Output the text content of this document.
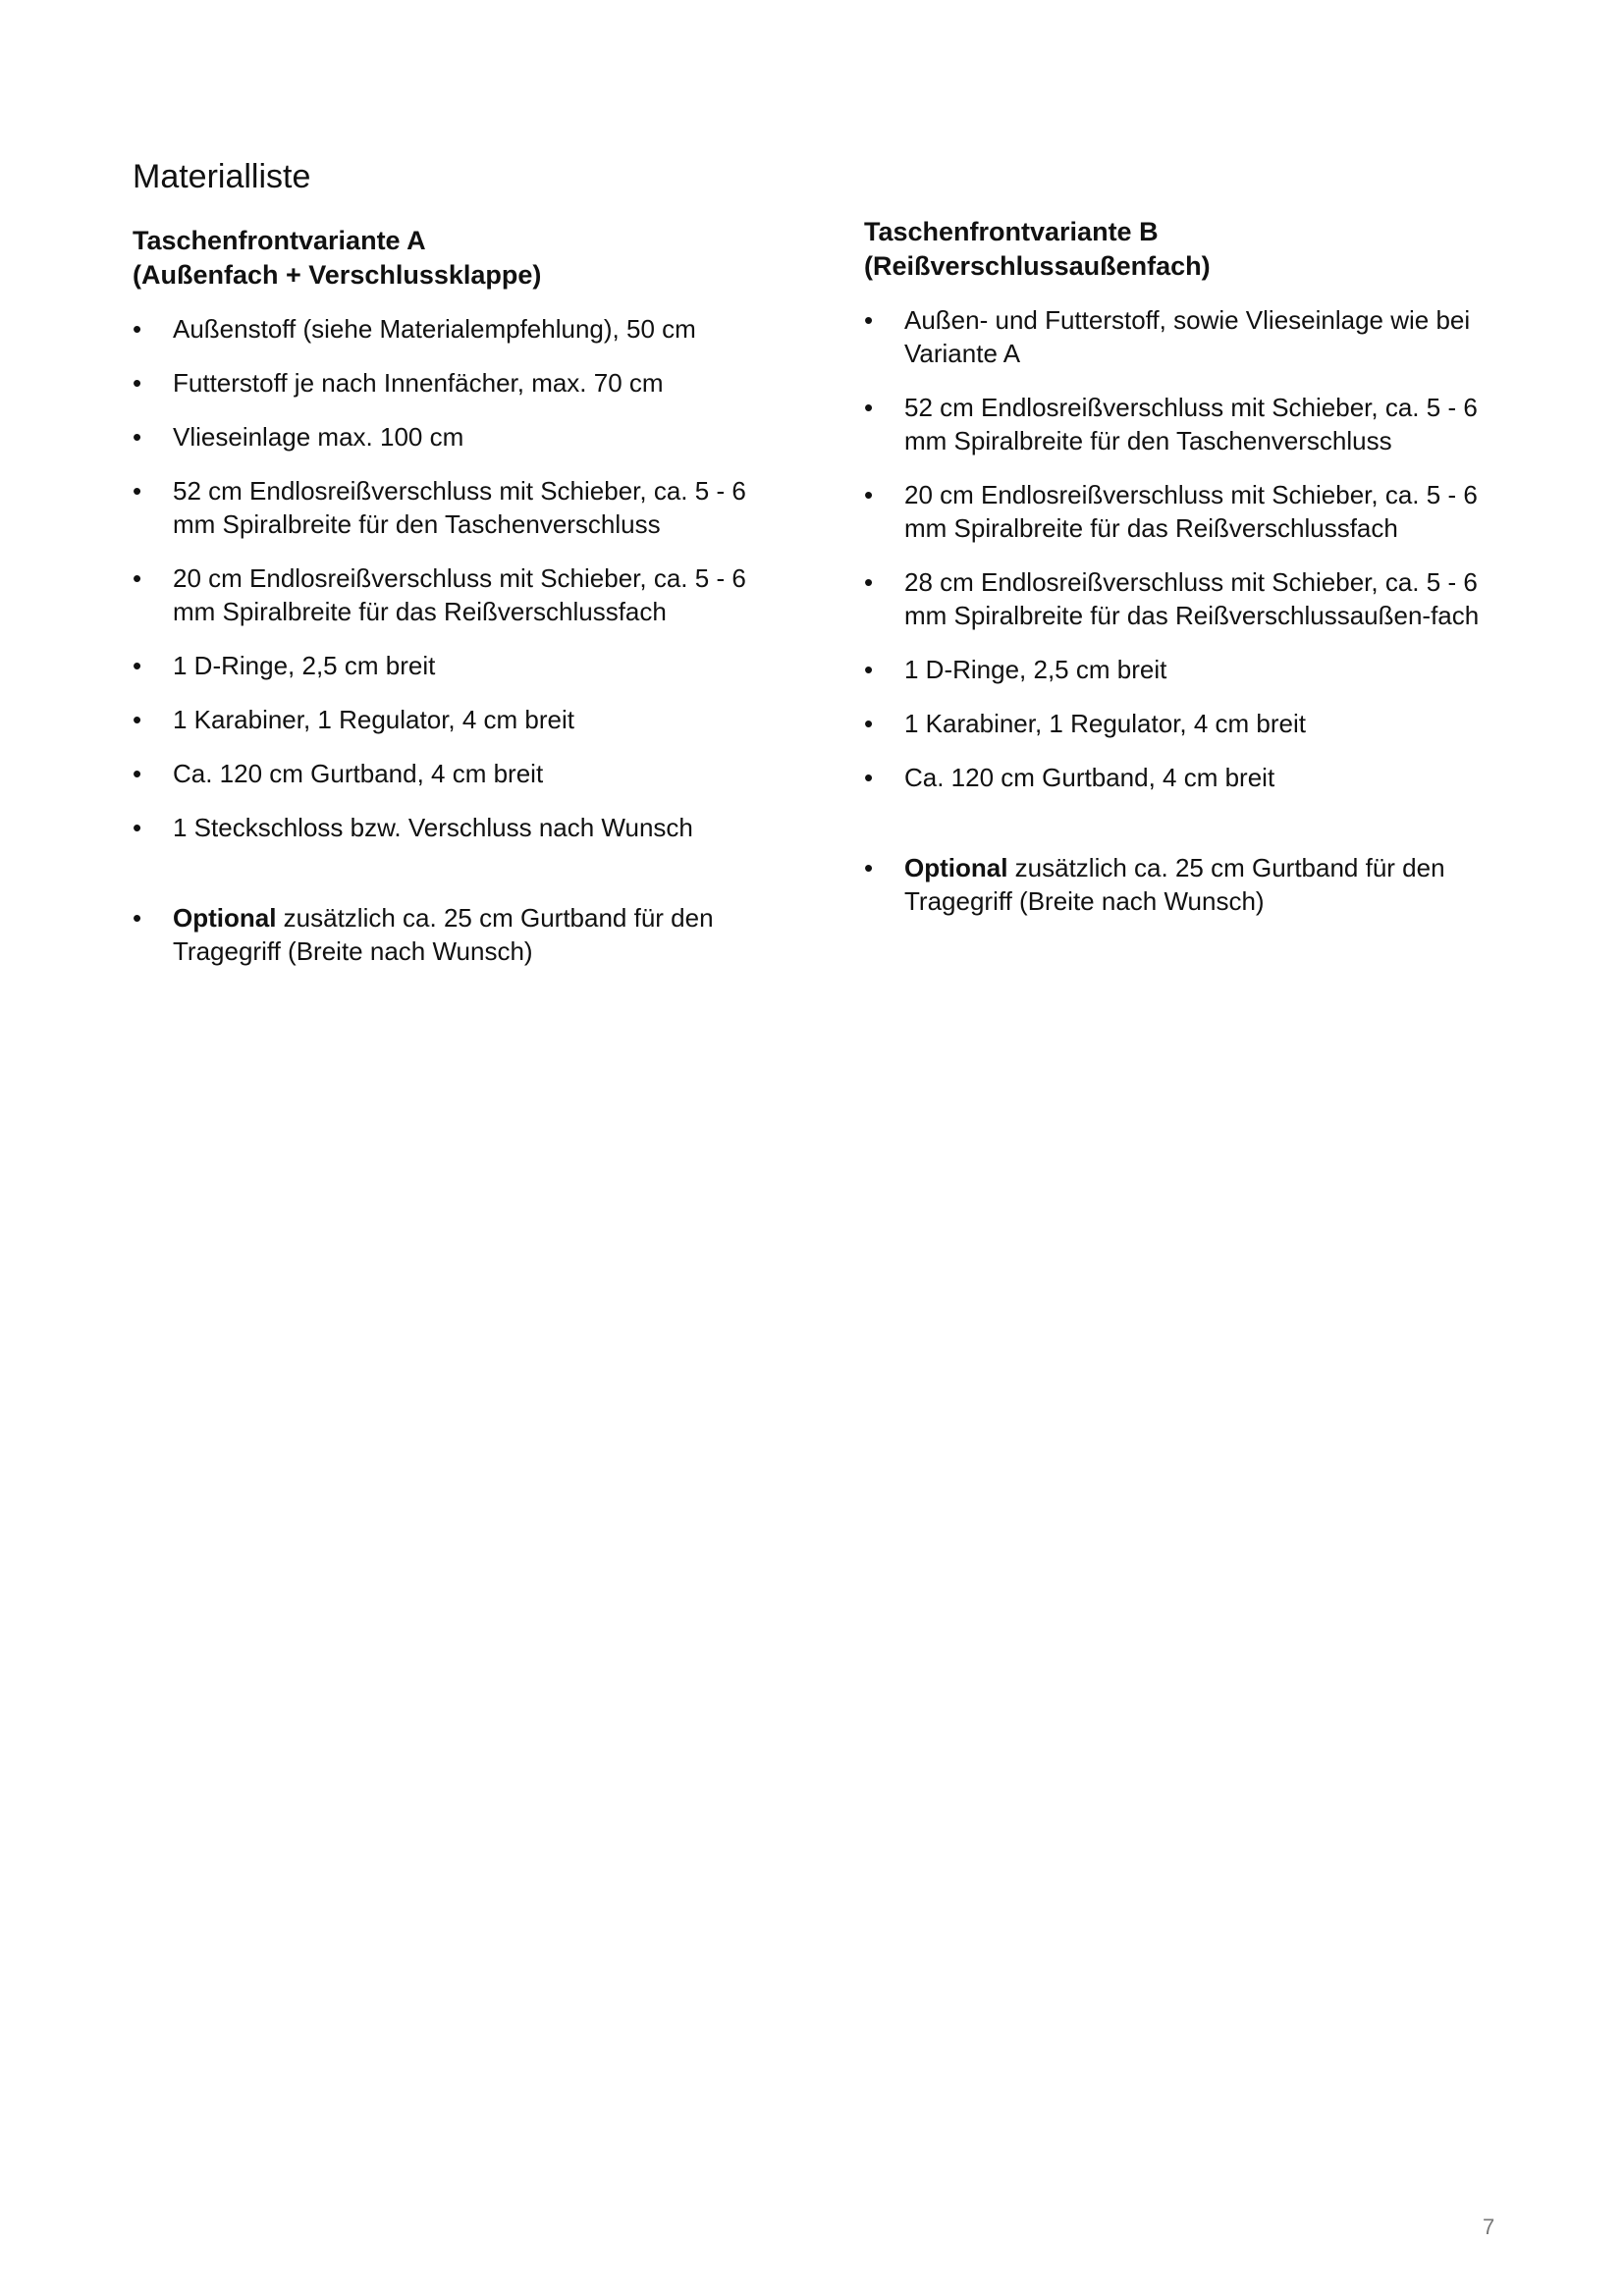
Materialliste
Taschenfrontvariante A
(Außenfach + Verschlussklappe)
•	Außenstoff (siehe Materialempfehlung), 50 cm
•	Futterstoff je nach Innenfächer, max. 70 cm
•	Vlieseinlage max. 100 cm
•	52 cm Endlosreißverschluss mit Schieber, ca. 5 - 6 mm Spiralbreite für den Taschenverschluss
•	20 cm Endlosreißverschluss mit Schieber, ca. 5 - 6 mm Spiralbreite für das Reißverschlussfach
•	1 D-Ringe, 2,5 cm breit
•	1 Karabiner, 1 Regulator, 4 cm breit
•	Ca. 120 cm Gurtband, 4 cm breit
•	1 Steckschloss bzw. Verschluss nach Wunsch
•	Optional zusätzlich ca. 25 cm Gurtband für den Tragegriff (Breite nach Wunsch)
Taschenfrontvariante B
(Reißverschlussaußenfach)
•	Außen- und Futterstoff, sowie Vlieseinlage wie bei Variante A
•	52 cm Endlosreißverschluss mit Schieber, ca. 5 - 6 mm Spiralbreite für den Taschenverschluss
•	20 cm Endlosreißverschluss mit Schieber, ca. 5 - 6 mm Spiralbreite für das Reißverschlussfach
•	28 cm Endlosreißverschluss mit Schieber, ca. 5 - 6 mm Spiralbreite für das Reißverschlussaußen-fach
•	1 D-Ringe, 2,5 cm breit
•	1 Karabiner, 1 Regulator, 4 cm breit
•	Ca. 120 cm Gurtband, 4 cm breit
•	Optional zusätzlich ca. 25 cm Gurtband für den Tragegriff (Breite nach Wunsch)
7
